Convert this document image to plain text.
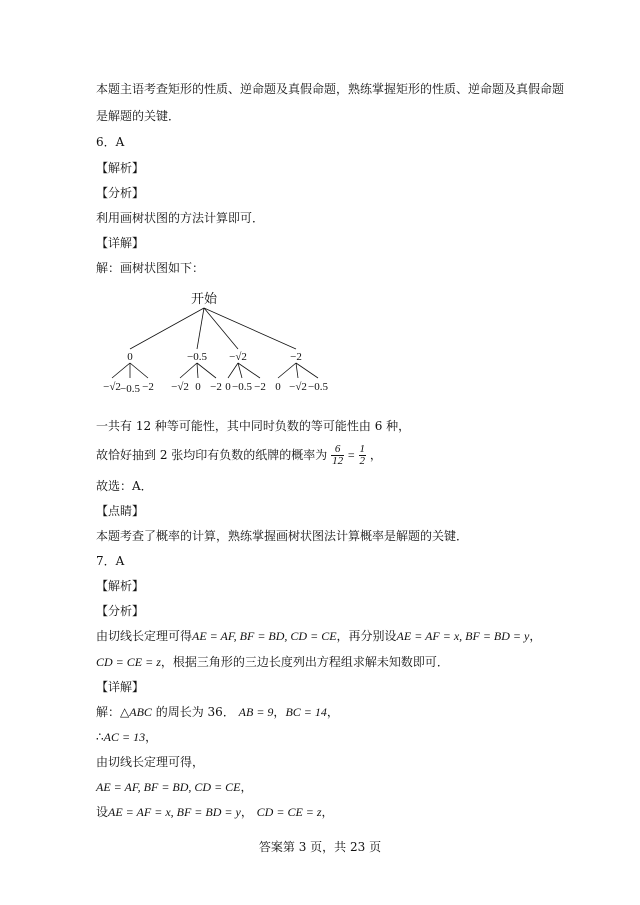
本题主语考查矩形的性质、逆命题及真假命题，熟练掌握矩形的性质、逆命题及真假命题
是解题的关键．
6．A
【解析】
【分析】
利用画树状图的方法计算即可．
【详解】
解：画树状图如下：
开始
0	−0.5 −√2	−2
−√2 −0.5 −2 −√2 0 −2 0 −0.5 −2 0 −√2 −0.5
一共有 12 种等可能性，其中同时负数的等可能性由 6 种，
故恰好抽到 2 张均印有负数的纸牌的概率为 $\frac{6}{12} = \frac{1}{2}$ ，
故选：A．
【点睛】
本题考查了概率的计算，熟练掌握画树状图法计算概率是解题的关键．
7．A
【解析】
【分析】
由切线长定理可得AE = AF, BF = BD, CD = CE，再分别设AE = AF = x, BF = BD = y，
CD = CE = z，根据三角形的三边长度列出方程组求解未知数即可．
【详解】
解：△ABC 的周长为 36． AB = 9，BC = 14，
∴AC = 13，
由切线长定理可得，
AE = AF, BF = BD, CD = CE，
设AE = AF = x, BF = BD = y， CD = CE = z，
答案第 3 页，共 23 页
